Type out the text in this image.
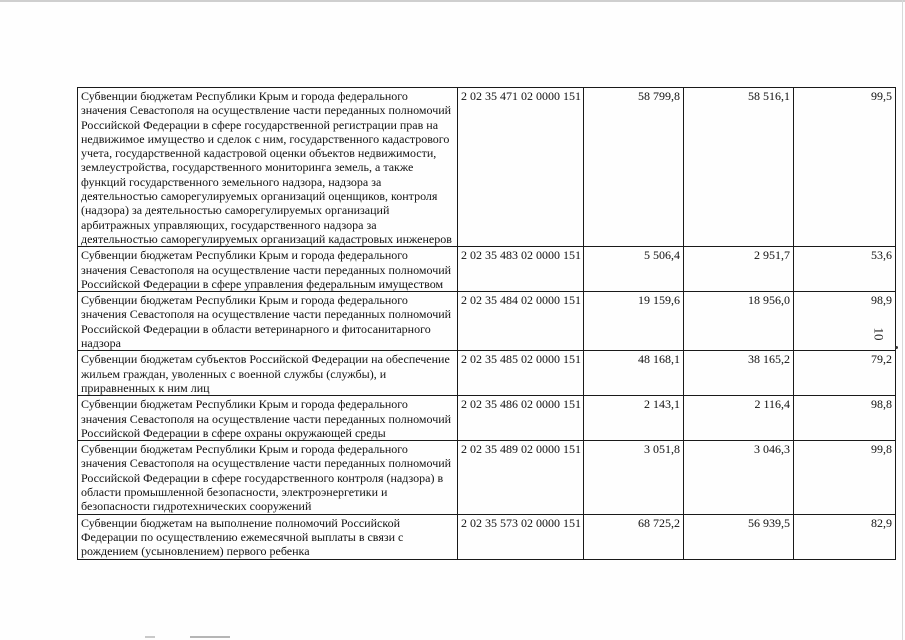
Субвенции бюджетам Республики Крым и города федерального значения Севастополя на осуществление части переданных полномочий Российской Федерации в сфере государственной регистрации прав на недвижимое имущество и сделок с ним, государственного кадастрового учета, государственной кадастровой оценки объектов недвижимости, землеустройства, государственного мониторинга земель, а также функций государственного земельного надзора, надзора за деятельностью саморегулируемых организаций оценщиков, контроля (надзора) за деятельностью саморегулируемых организаций арбитражных управляющих, государственного надзора за деятельностью саморегулируемых организаций кадастровых инженеров	2 02 35 471 02 0000 151	58 799,8	58 516,1	99,5
Субвенции бюджетам Республики Крым и города федерального значения Севастополя на осуществление части переданных полномочий Российской Федерации в сфере управления федеральным имуществом	2 02 35 483 02 0000 151	5 506,4	2 951,7	53,6
Субвенции бюджетам Республики Крым и города федерального значения Севастополя на осуществление части переданных полномочий Российской Федерации в области ветеринарного и фитосанитарного надзора	2 02 35 484 02 0000 151	19 159,6	18 956,0	98,9
Субвенции бюджетам субъектов Российской Федерации на обеспечение жильем граждан, уволенных с военной службы (службы), и приравненных к ним лиц	2 02 35 485 02 0000 151	48 168,1	38 165,2	79,2
Субвенции бюджетам Республики Крым и города федерального значения Севастополя на осуществление части переданных полномочий Российской Федерации в сфере охраны окружающей среды	2 02 35 486 02 0000 151	2 143,1	2 116,4	98,8
Субвенции бюджетам Республики Крым и города федерального значения Севастополя на осуществление части переданных полномочий Российской Федерации в сфере государственного контроля (надзора) в области промышленной безопасности, электроэнергетики и безопасности гидротехнических сооружений	2 02 35 489 02 0000 151	3 051,8	3 046,3	99,8
Субвенции бюджетам на выполнение полномочий Российской Федерации по осуществлению ежемесячной выплаты в связи с рождением (усыновлением) первого ребенка	2 02 35 573 02 0000 151	68 725,2	56 939,5	82,9
10
